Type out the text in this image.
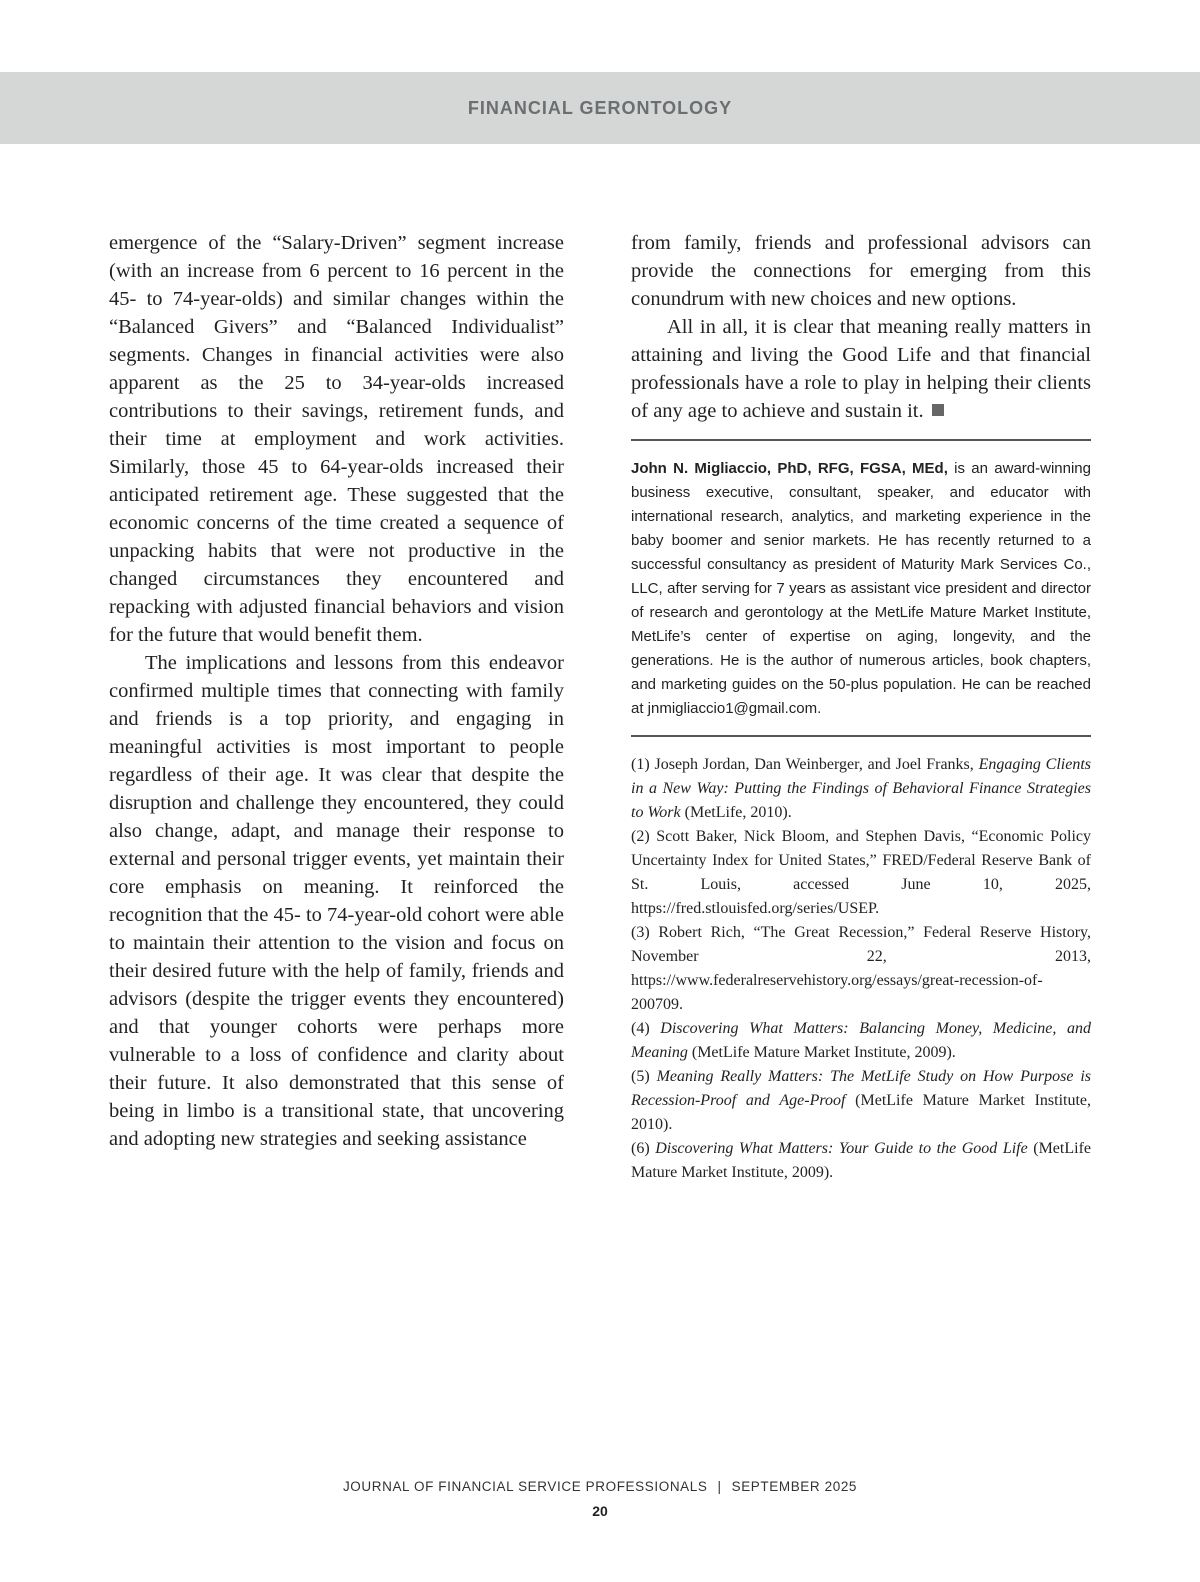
FINANCIAL GERONTOLOGY

emergence of the “Salary-Driven” segment increase (with an increase from 6 percent to 16 percent in the 45- to 74-year-olds) and similar changes within the “Balanced Givers” and “Balanced Individualist” segments. Changes in financial activities were also apparent as the 25 to 34-year-olds increased contributions to their savings, retirement funds, and their time at employment and work activities. Similarly, those 45 to 64-year-olds increased their anticipated retirement age. These suggested that the economic concerns of the time created a sequence of unpacking habits that were not productive in the changed circumstances they encountered and repacking with adjusted financial behaviors and vision for the future that would benefit them.

The implications and lessons from this endeavor confirmed multiple times that connecting with family and friends is a top priority, and engaging in meaningful activities is most important to people regardless of their age. It was clear that despite the disruption and challenge they encountered, they could also change, adapt, and manage their response to external and personal trigger events, yet maintain their core emphasis on meaning. It reinforced the recognition that the 45- to 74-year-old cohort were able to maintain their attention to the vision and focus on their desired future with the help of family, friends and advisors (despite the trigger events they encountered) and that younger cohorts were perhaps more vulnerable to a loss of confidence and clarity about their future. It also demonstrated that this sense of being in limbo is a transitional state, that uncovering and adopting new strategies and seeking assistance

from family, friends and professional advisors can provide the connections for emerging from this conundrum with new choices and new options.

All in all, it is clear that meaning really matters in attaining and living the Good Life and that financial professionals have a role to play in helping their clients of any age to achieve and sustain it.

John N. Migliaccio, PhD, RFG, FGSA, MEd, is an award-winning business executive, consultant, speaker, and educator with international research, analytics, and marketing experience in the baby boomer and senior markets. He has recently returned to a successful consultancy as president of Maturity Mark Services Co., LLC, after serving for 7 years as assistant vice president and director of research and gerontology at the MetLife Mature Market Institute, MetLife’s center of expertise on aging, longevity, and the generations. He is the author of numerous articles, book chapters, and marketing guides on the 50-plus population. He can be reached at jnmigliaccio1@gmail.com.

(1) Joseph Jordan, Dan Weinberger, and Joel Franks, Engaging Clients in a New Way: Putting the Findings of Behavioral Finance Strategies to Work (MetLife, 2010).

(2) Scott Baker, Nick Bloom, and Stephen Davis, “Economic Policy Uncertainty Index for United States,” FRED/Federal Reserve Bank of St. Louis, accessed June 10, 2025, https://fred.stlouisfed.org/series/USEP.

(3) Robert Rich, “The Great Recession,” Federal Reserve History, November 22, 2013, https://www.federalreservehistory.org/essays/great-recession-of-200709.

(4) Discovering What Matters: Balancing Money, Medicine, and Meaning (MetLife Mature Market Institute, 2009).

(5) Meaning Really Matters: The MetLife Study on How Purpose is Recession-Proof and Age-Proof (MetLife Mature Market Institute, 2010).

(6) Discovering What Matters: Your Guide to the Good Life (MetLife Mature Market Institute, 2009).

JOURNAL OF FINANCIAL SERVICE PROFESSIONALS | SEPTEMBER 2025
20
